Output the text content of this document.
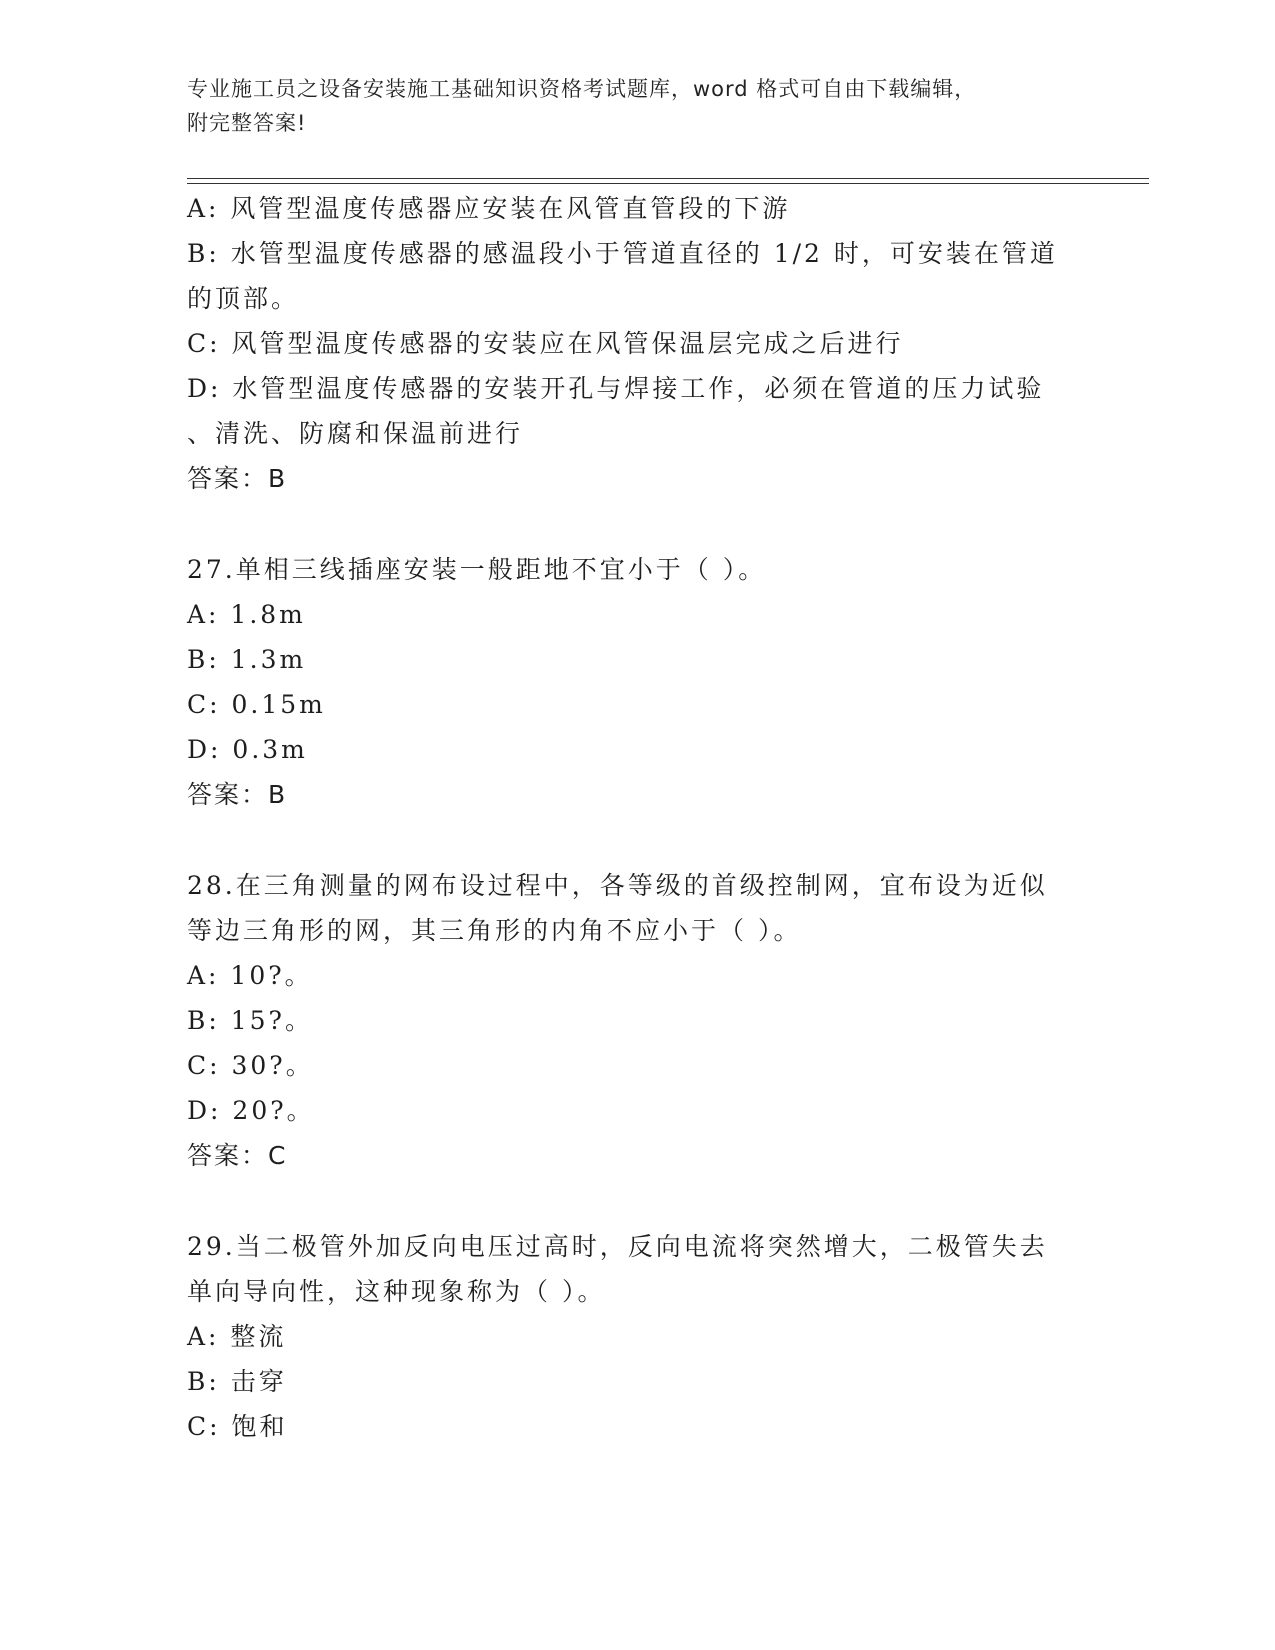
专业施工员之设备安装施工基础知识资格考试题库，word 格式可自由下载编辑，
附完整答案!
A: 风管型温度传感器应安装在风管直管段的下游
B: 水管型温度传感器的感温段小于管道直径的 1/2 时，可安装在管道
的顶部。
C: 风管型温度传感器的安装应在风管保温层完成之后进行
D: 水管型温度传感器的安装开孔与焊接工作，必须在管道的压力试验
、清洗、防腐和保温前进行
答案：B
27.单相三线插座安装一般距地不宜小于（ ）。
A: 1.8m
B: 1.3m
C: 0.15m
D: 0.3m
答案：B
28.在三角测量的网布设过程中，各等级的首级控制网，宜布设为近似
等边三角形的网，其三角形的内角不应小于（ ）。
A: 10?。
B: 15?。
C: 30?。
D: 20?。
答案：C
29.当二极管外加反向电压过高时，反向电流将突然增大，二极管失去
单向导向性，这种现象称为（ ）。
A: 整流
B: 击穿
C: 饱和
